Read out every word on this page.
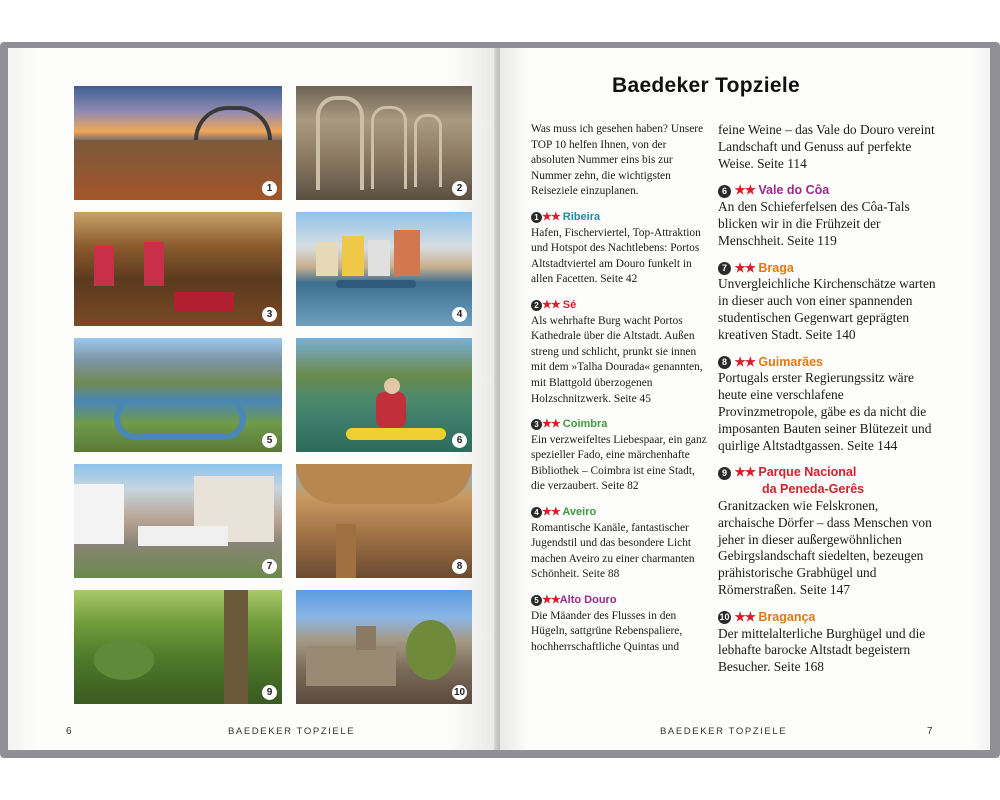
1	2
3	4
5	6
7	8
9	10
6	BAEDEKER TOPZIELE	BAEDEKER TOPZIELE	7
Baedeker Topziele

Was muss ich gesehen haben? Unsere TOP 10 helfen Ihnen, von der absoluten Nummer eins bis zur Nummer zehn, die wichtigsten Reiseziele einzuplanen.

1 ★★ Ribeira
Hafen, Fischerviertel, Top-Attraktion und Hotspot des Nachtlebens: Portos Altstadtviertel am Douro funkelt in allen Facetten. Seite 42
2 ★★ Sé
Als wehrhafte Burg wacht Portos Kathedrale über die Altstadt. Außen streng und schlicht, prunkt sie innen mit dem »Talha Dourada« genannten, mit Blattgold überzogenen Holzschnitzwerk. Seite 45
3 ★★ Coimbra
Ein verzweifeltes Liebespaar, ein ganz spezieller Fado, eine märchenhafte Bibliothek – Coimbra ist eine Stadt, die verzaubert. Seite 82
4 ★★ Aveiro
Romantische Kanäle, fantastischer Jugendstil und das besondere Licht machen Aveiro zu einer charmanten Schönheit. Seite 88
5 ★★Alto Douro
Die Mäander des Flusses in den Hügeln, sattgrüne Rebenspaliere, hochherrschaftliche Quintas und

feine Weine – das Vale do Douro vereint Landschaft und Genuss auf perfekte Weise. Seite 114

6 ★★ Vale do Côa
An den Schieferfelsen des Côa-Tals blicken wir in die Frühzeit der Menschheit. Seite 119
7 ★★ Braga
Unvergleichliche Kirchenschätze warten in dieser auch von einer spannenden studentischen Gegenwart geprägten kreativen Stadt. Seite 140
8 ★★ Guimarães
Portugals erster Regierungssitz wäre heute eine verschlafene Provinzmetropole, gäbe es da nicht die imposanten Bauten seiner Blütezeit und quirlige Altstadtgassen. Seite 144
9 ★★ Parque Nacional
da Peneda-Gerês
Granitzacken wie Felskronen, archaische Dörfer – dass Menschen von jeher in dieser außergewöhnlichen Gebirgslandschaft siedelten, bezeugen prähistorische Grabhügel und Römerstraßen. Seite 147
10 ★★ Bragança
Der mittelalterliche Burghügel und die lebhafte barocke Altstadt begeistern Besucher. Seite 168
